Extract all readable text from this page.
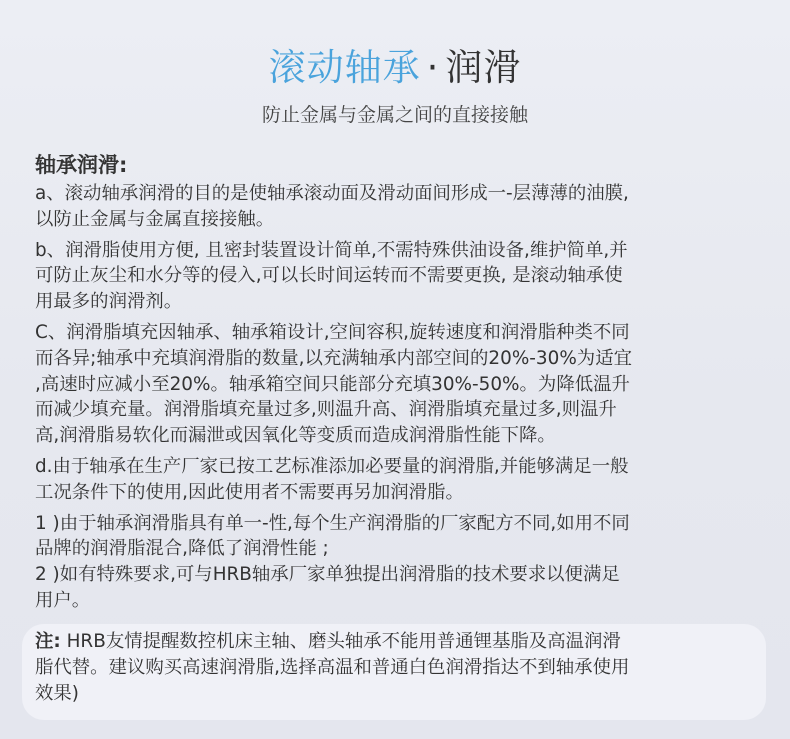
滚动轴承 · 润滑
防止金属与金属之间的直接接触
轴承润滑:

a、滚动轴承润滑的目的是使轴承滚动面及滑动面间形成一-层薄薄的油膜,
以防止金属与金属直接接触。

b、润滑脂使用方便, 且密封装置设计简单,不需特殊供油设备,维护简单,并
可防止灰尘和水分等的侵入,可以长时间运转而不需要更换, 是滚动轴承使
用最多的润滑剂。

C、润滑脂填充因轴承、轴承箱设计,空间容积,旋转速度和润滑脂种类不同
而各异;轴承中充填润滑脂的数量,以充满轴承内部空间的20%-30%为适宜
,高速时应减小至20%。轴承箱空间只能部分充填30%-50%。为降低温升
而减少填充量。润滑脂填充量过多,则温升高、润滑脂填充量过多,则温升
高,润滑脂易软化而漏泄或因氧化等变质而造成润滑脂性能下降。

d.由于轴承在生产厂家已按工艺标准添加必要量的润滑脂,并能够满足一般
工况条件下的使用,因此使用者不需要再另加润滑脂。

1 )由于轴承润滑脂具有单一-性,每个生产润滑脂的厂家配方不同,如用不同
品牌的润滑脂混合,降低了润滑性能 ;

2 )如有特殊要求,可与HRB轴承厂家单独提出润滑脂的技术要求以便满足
用户。

注: HRB友情提醒数控机床主轴、磨头轴承不能用普通锂基脂及高温润滑
脂代替。建议购买高速润滑脂,选择高温和普通白色润滑指达不到轴承使用
效果)
